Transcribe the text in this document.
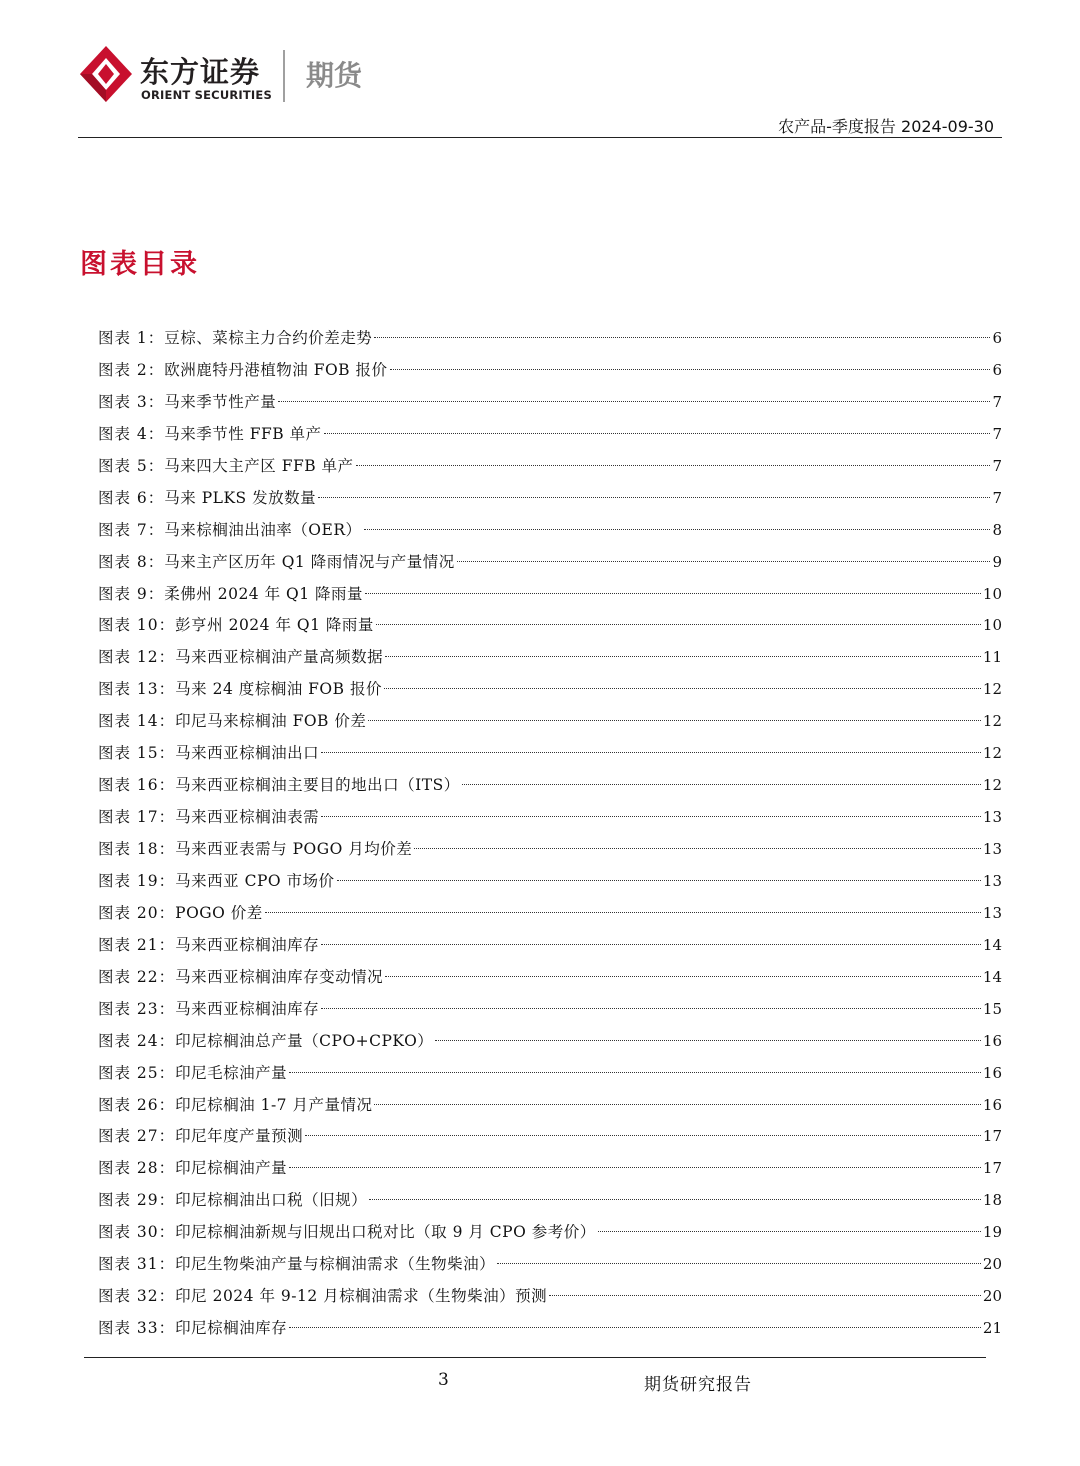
东方证券
ORIENT SECURITIES
期货
农产品-季度报告 2024-09-30
图表目录
图表 1： 豆棕、菜棕主力合约价差走势	6
图表 2： 欧洲鹿特丹港植物油 FOB 报价	6
图表 3： 马来季节性产量	7
图表 4： 马来季节性 FFB 单产	7
图表 5： 马来四大主产区 FFB 单产	7
图表 6： 马来 PLKS 发放数量	7
图表 7： 马来棕榈油出油率（OER）	8
图表 8： 马来主产区历年 Q1 降雨情况与产量情况	9
图表 9： 柔佛州 2024 年 Q1 降雨量	10
图表 10： 彭亨州 2024 年 Q1 降雨量	10
图表 12： 马来西亚棕榈油产量高频数据	11
图表 13： 马来 24 度棕榈油 FOB 报价	12
图表 14： 印尼马来棕榈油 FOB 价差	12
图表 15： 马来西亚棕榈油出口	12
图表 16： 马来西亚棕榈油主要目的地出口（ITS）	12
图表 17： 马来西亚棕榈油表需	13
图表 18： 马来西亚表需与 POGO 月均价差	13
图表 19： 马来西亚 CPO 市场价	13
图表 20： POGO 价差	13
图表 21： 马来西亚棕榈油库存	14
图表 22： 马来西亚棕榈油库存变动情况	14
图表 23： 马来西亚棕榈油库存	15
图表 24： 印尼棕榈油总产量（CPO+CPKO）	16
图表 25： 印尼毛棕油产量	16
图表 26： 印尼棕榈油 1-7 月产量情况	16
图表 27： 印尼年度产量预测	17
图表 28： 印尼棕榈油产量	17
图表 29： 印尼棕榈油出口税（旧规）	18
图表 30： 印尼棕榈油新规与旧规出口税对比（取 9 月 CPO 参考价）	19
图表 31： 印尼生物柴油产量与棕榈油需求（生物柴油）	20
图表 32： 印尼 2024 年 9-12 月棕榈油需求（生物柴油）预测	20
图表 33： 印尼棕榈油库存	21
3	期货研究报告
